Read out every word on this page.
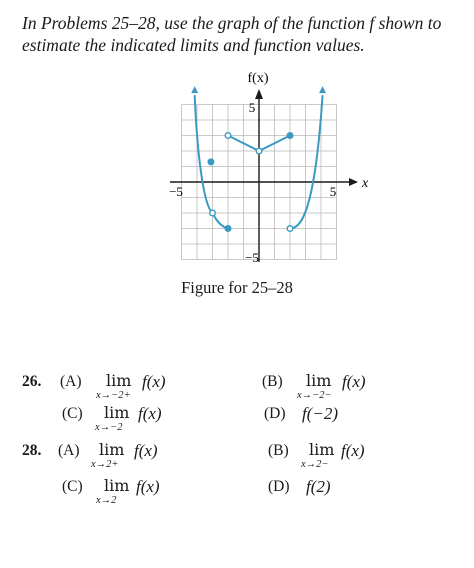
In Problems 25–28, use the graph of the function f shown to estimate the indicated limits and function values.

f(x)
x
−5	5
5
−5
Figure for 25–28
26. (A) lim
x→−2+
f(x)	(B) lim
x→−2−
f(x)
(C) lim
x→−2
f(x)	(D) f(−2)
28. (A) lim
x→2+
f(x)	(B) lim
x→2−
f(x)
(C) lim
x→2
f(x)	(D) f(2)
